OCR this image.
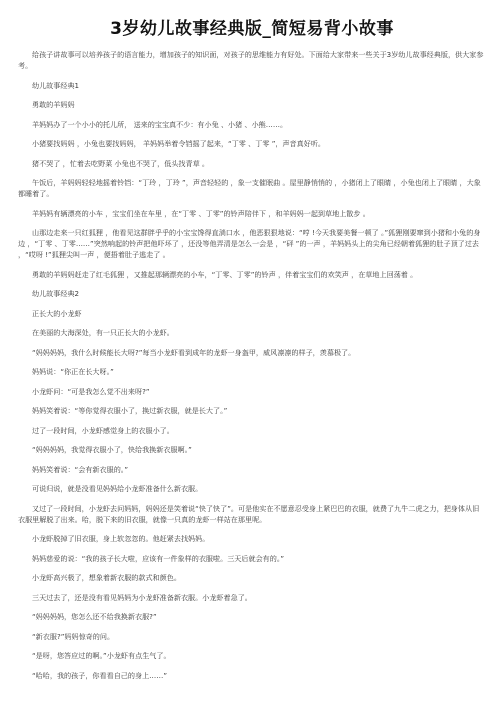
3岁幼儿故事经典版_简短易背小故事

给孩子讲故事可以培养孩子的语言能力，增加孩子的知识面，对孩子的思维能力有好处。下面给大家带来一些关于3岁幼儿故事经典版，供大家参考。

幼儿故事经典1

勇敢的羊妈妈

羊妈妈办了一个小小的托儿所， 送来的宝宝真不少：有小兔 、小猪 、小熊……。

小猪要找妈妈 ，小兔也要找妈妈， 羊妈妈举着令铛摇了起来，“丁零 、丁零 ”，声音真好听。

猪不哭了 ，忙着去吃野菜 小兔也不哭了，低头找青草 。

午饭后，羊妈妈轻轻地摇着铃铛：“丁玲 ，丁玲 ”，声音轻轻的 ，象一支催眠曲 。屋里静悄悄的 ，小猪闭上了眼睛 ，小兔也闭上了眼睛 ，大象都睡着了。

羊妈妈有辆漂亮的小车 ，宝宝们坐在车里 ，在“丁零 、丁零”的铃声陪伴下 ，和羊妈妈一起到草地上散步 。

山那边走来一只红狐狸 ，他看见这群胖乎乎的小宝宝馋得直淌口水 ，他恶狠狠地说：“哼 !今天我要美餐一顿了 。”狐狸刚要窜到小猪和小兔的身边 ，“丁零 、丁零……”突然响起的铃声把他吓坏了 ，还没等他弄清是怎么一会是 ，“砰 ”的一声 ，羊妈妈头上的尖角已经朝着狐狸的肚子顶了过去 ，“哎呀 !”狐狸尖叫一声 ，便捂着肚子逃走了 。

勇敢的羊妈妈赶走了红毛狐狸 ，又推起那辆漂亮的小车，“丁零、丁零”的铃声 ，伴着宝宝们的欢笑声 ，在草地上回荡着 。

幼儿故事经典2

正长大的小龙虾

在美丽的大海深处，有一只正长大的小龙虾。

“妈妈妈妈，我什么时候能长大呀?”每当小龙虾看到成年的龙虾一身盔甲，威风凛凛的样子，羡慕极了。

妈妈说：“你正在长大呀。”

小龙虾问：“可是我怎么觉不出来呀?”

妈妈笑着说：“等你觉得衣服小了，换过新衣服，就是长大了。”

过了一段时间，小龙虾感觉身上的衣服小了。

“妈妈妈妈，我觉得衣服小了，快给我换新衣服啊。”

妈妈笑着说：“会有新衣服的。”

可说归说，就是没看见妈妈给小龙虾准备什么新衣服。

又过了一段时间，小龙虾去问妈妈，妈妈还是笑着说“快了快了”。可是他实在不愿意忍受身上紧巴巴的衣服，就费了九牛二虎之力，把身体从旧衣服里解脱了出来。哈，脱下来的旧衣服，就像一只真的龙虾一样站在那里呢。

小龙虾脱掉了旧衣服，身上软忽忽的。他赶紧去找妈妈。

妈妈慈爱的说：“我的孩子长大啦，应该有一件象样的衣服啦。三天后就会有的。”

小龙虾高兴极了，想象着新衣服的款式和颜色。

三天过去了，还是没有看见妈妈为小龙虾准备新衣服。小龙虾着急了。

“妈妈妈妈，您怎么还不给我换新衣服?”

“新衣服?”妈妈惊奇的问。

“是呀，您答应过的啊。”小龙虾有点生气了。

“哈哈，我的孩子，你看看自己的身上……”
